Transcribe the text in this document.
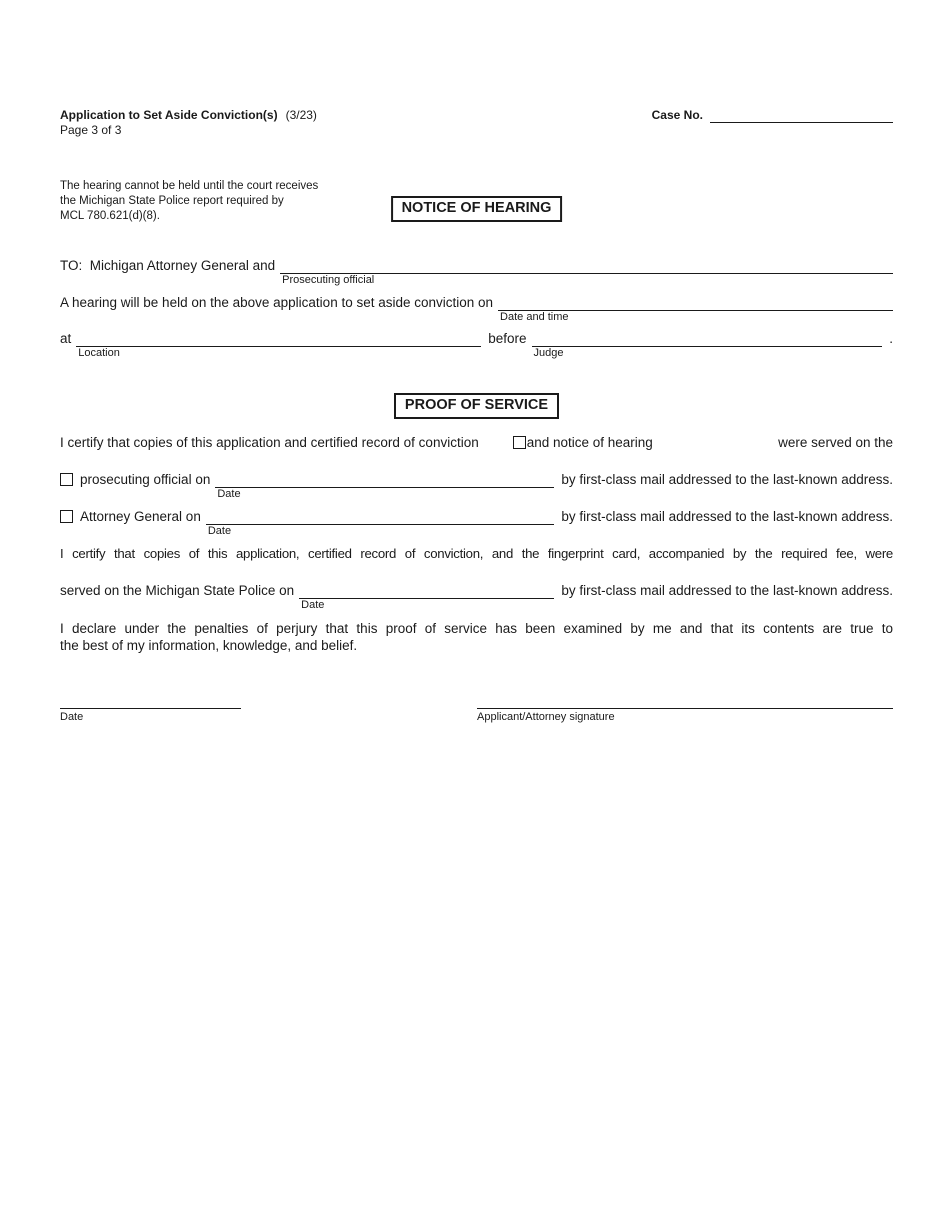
Application to Set Aside Conviction(s) (3/23)
Page 3 of 3
Case No.
The hearing cannot be held until the court receives
the Michigan State Police report required by
MCL 780.621(d)(8).	NOTICE OF HEARING
TO:  Michigan Attorney General and

Prosecuting official

A hearing will be held on the above application to set aside conviction on

Date and time

at

Location

before

Judge

.
PROOF OF SERVICE
I certify that copies of this application and certified record of conviction	and notice of hearing	were served on the
prosecuting official on

Date

by first-class mail addressed to the last-known address.
Attorney General on

Date

by first-class mail addressed to the last-known address.
I certify that copies of this application, certified record of conviction, and the fingerprint card, accompanied by the required fee, were
served on the Michigan State Police on

Date

by first-class mail addressed to the last-known address.
I declare under the penalties of perjury that this proof of service has been examined by me and that its contents are true to
the best of my information, knowledge, and belief.
Date	Applicant/Attorney signature
